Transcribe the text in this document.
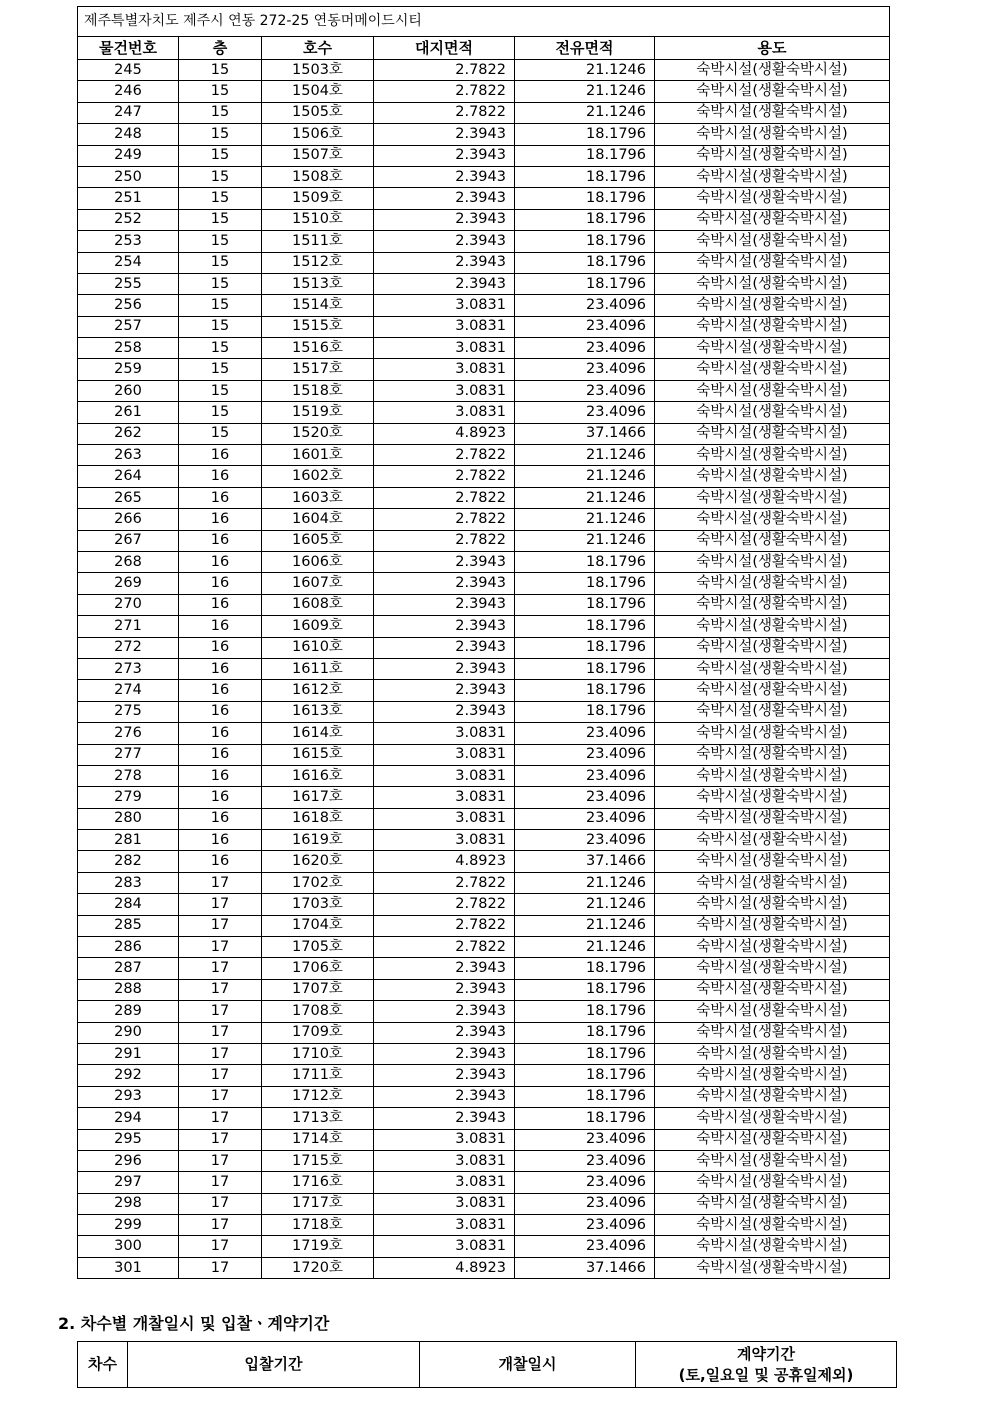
제주특별자치도 제주시 연동 272-25 연동머메이드시티					
물건번호	층	호수	대지면적	전유면적	용도
245	15	1503호	2.7822	21.1246	숙박시설(생활숙박시설)
246	15	1504호	2.7822	21.1246	숙박시설(생활숙박시설)
247	15	1505호	2.7822	21.1246	숙박시설(생활숙박시설)
248	15	1506호	2.3943	18.1796	숙박시설(생활숙박시설)
249	15	1507호	2.3943	18.1796	숙박시설(생활숙박시설)
250	15	1508호	2.3943	18.1796	숙박시설(생활숙박시설)
251	15	1509호	2.3943	18.1796	숙박시설(생활숙박시설)
252	15	1510호	2.3943	18.1796	숙박시설(생활숙박시설)
253	15	1511호	2.3943	18.1796	숙박시설(생활숙박시설)
254	15	1512호	2.3943	18.1796	숙박시설(생활숙박시설)
255	15	1513호	2.3943	18.1796	숙박시설(생활숙박시설)
256	15	1514호	3.0831	23.4096	숙박시설(생활숙박시설)
257	15	1515호	3.0831	23.4096	숙박시설(생활숙박시설)
258	15	1516호	3.0831	23.4096	숙박시설(생활숙박시설)
259	15	1517호	3.0831	23.4096	숙박시설(생활숙박시설)
260	15	1518호	3.0831	23.4096	숙박시설(생활숙박시설)
261	15	1519호	3.0831	23.4096	숙박시설(생활숙박시설)
262	15	1520호	4.8923	37.1466	숙박시설(생활숙박시설)
263	16	1601호	2.7822	21.1246	숙박시설(생활숙박시설)
264	16	1602호	2.7822	21.1246	숙박시설(생활숙박시설)
265	16	1603호	2.7822	21.1246	숙박시설(생활숙박시설)
266	16	1604호	2.7822	21.1246	숙박시설(생활숙박시설)
267	16	1605호	2.7822	21.1246	숙박시설(생활숙박시설)
268	16	1606호	2.3943	18.1796	숙박시설(생활숙박시설)
269	16	1607호	2.3943	18.1796	숙박시설(생활숙박시설)
270	16	1608호	2.3943	18.1796	숙박시설(생활숙박시설)
271	16	1609호	2.3943	18.1796	숙박시설(생활숙박시설)
272	16	1610호	2.3943	18.1796	숙박시설(생활숙박시설)
273	16	1611호	2.3943	18.1796	숙박시설(생활숙박시설)
274	16	1612호	2.3943	18.1796	숙박시설(생활숙박시설)
275	16	1613호	2.3943	18.1796	숙박시설(생활숙박시설)
276	16	1614호	3.0831	23.4096	숙박시설(생활숙박시설)
277	16	1615호	3.0831	23.4096	숙박시설(생활숙박시설)
278	16	1616호	3.0831	23.4096	숙박시설(생활숙박시설)
279	16	1617호	3.0831	23.4096	숙박시설(생활숙박시설)
280	16	1618호	3.0831	23.4096	숙박시설(생활숙박시설)
281	16	1619호	3.0831	23.4096	숙박시설(생활숙박시설)
282	16	1620호	4.8923	37.1466	숙박시설(생활숙박시설)
283	17	1702호	2.7822	21.1246	숙박시설(생활숙박시설)
284	17	1703호	2.7822	21.1246	숙박시설(생활숙박시설)
285	17	1704호	2.7822	21.1246	숙박시설(생활숙박시설)
286	17	1705호	2.7822	21.1246	숙박시설(생활숙박시설)
287	17	1706호	2.3943	18.1796	숙박시설(생활숙박시설)
288	17	1707호	2.3943	18.1796	숙박시설(생활숙박시설)
289	17	1708호	2.3943	18.1796	숙박시설(생활숙박시설)
290	17	1709호	2.3943	18.1796	숙박시설(생활숙박시설)
291	17	1710호	2.3943	18.1796	숙박시설(생활숙박시설)
292	17	1711호	2.3943	18.1796	숙박시설(생활숙박시설)
293	17	1712호	2.3943	18.1796	숙박시설(생활숙박시설)
294	17	1713호	2.3943	18.1796	숙박시설(생활숙박시설)
295	17	1714호	3.0831	23.4096	숙박시설(생활숙박시설)
296	17	1715호	3.0831	23.4096	숙박시설(생활숙박시설)
297	17	1716호	3.0831	23.4096	숙박시설(생활숙박시설)
298	17	1717호	3.0831	23.4096	숙박시설(생활숙박시설)
299	17	1718호	3.0831	23.4096	숙박시설(생활숙박시설)
300	17	1719호	3.0831	23.4096	숙박시설(생활숙박시설)
301	17	1720호	4.8923	37.1466	숙박시설(생활숙박시설)
2. 차수별 개찰일시 및 입찰ㆍ계약기간
차수	입찰기간	개찰일시	계약기간
(토,일요일 및 공휴일제외)
